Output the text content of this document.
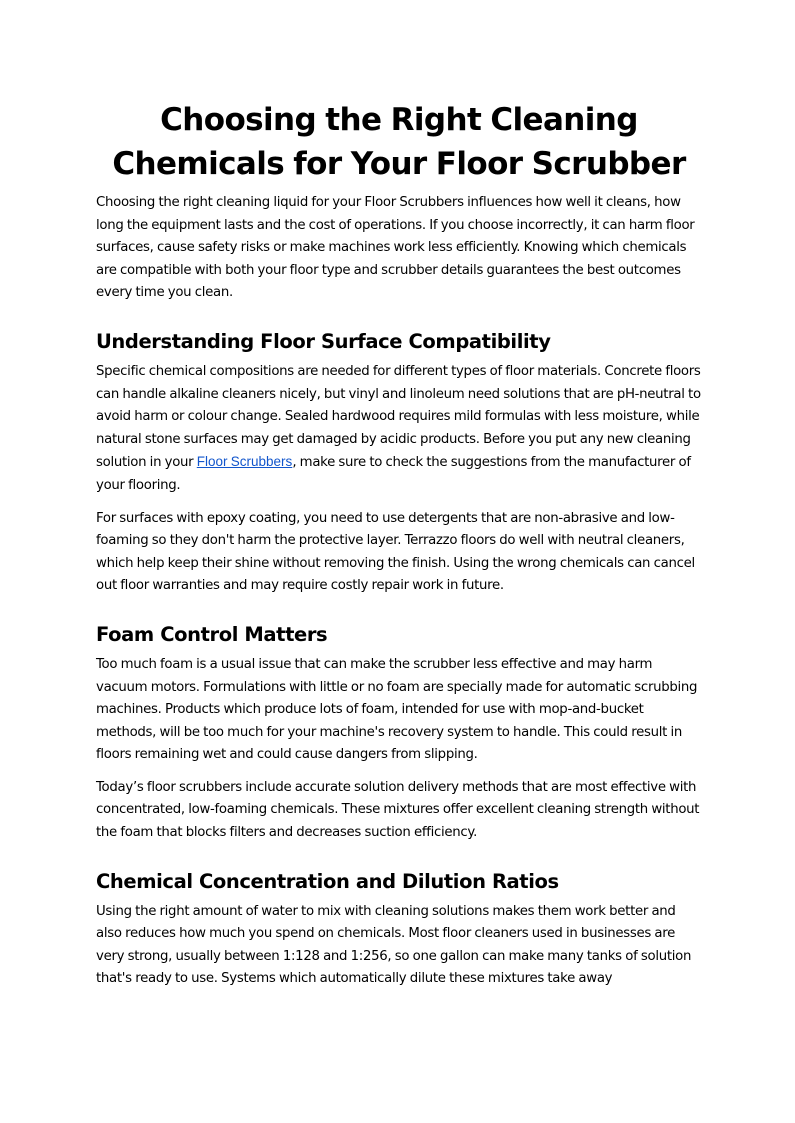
Choosing the Right Cleaning Chemicals for Your Floor Scrubber

Choosing the right cleaning liquid for your Floor Scrubbers influences how well it cleans, how long the equipment lasts and the cost of operations. If you choose incorrectly, it can harm floor surfaces, cause safety risks or make machines work less efficiently. Knowing which chemicals are compatible with both your floor type and scrubber details guarantees the best outcomes every time you clean.

Understanding Floor Surface Compatibility

Specific chemical compositions are needed for different types of floor materials. Concrete floors can handle alkaline cleaners nicely, but vinyl and linoleum need solutions that are pH-neutral to avoid harm or colour change. Sealed hardwood requires mild formulas with less moisture, while natural stone surfaces may get damaged by acidic products. Before you put any new cleaning solution in your Floor Scrubbers, make sure to check the suggestions from the manufacturer of your flooring.

For surfaces with epoxy coating, you need to use detergents that are non-abrasive and low-foaming so they don't harm the protective layer. Terrazzo floors do well with neutral cleaners, which help keep their shine without removing the finish. Using the wrong chemicals can cancel out floor warranties and may require costly repair work in future.

Foam Control Matters

Too much foam is a usual issue that can make the scrubber less effective and may harm vacuum motors. Formulations with little or no foam are specially made for automatic scrubbing machines. Products which produce lots of foam, intended for use with mop-and-bucket methods, will be too much for your machine's recovery system to handle. This could result in floors remaining wet and could cause dangers from slipping.

Today’s floor scrubbers include accurate solution delivery methods that are most effective with concentrated, low-foaming chemicals. These mixtures offer excellent cleaning strength without the foam that blocks filters and decreases suction efficiency.

Chemical Concentration and Dilution Ratios

Using the right amount of water to mix with cleaning solutions makes them work better and also reduces how much you spend on chemicals. Most floor cleaners used in businesses are very strong, usually between 1:128 and 1:256, so one gallon can make many tanks of solution that's ready to use. Systems which automatically dilute these mixtures take away
